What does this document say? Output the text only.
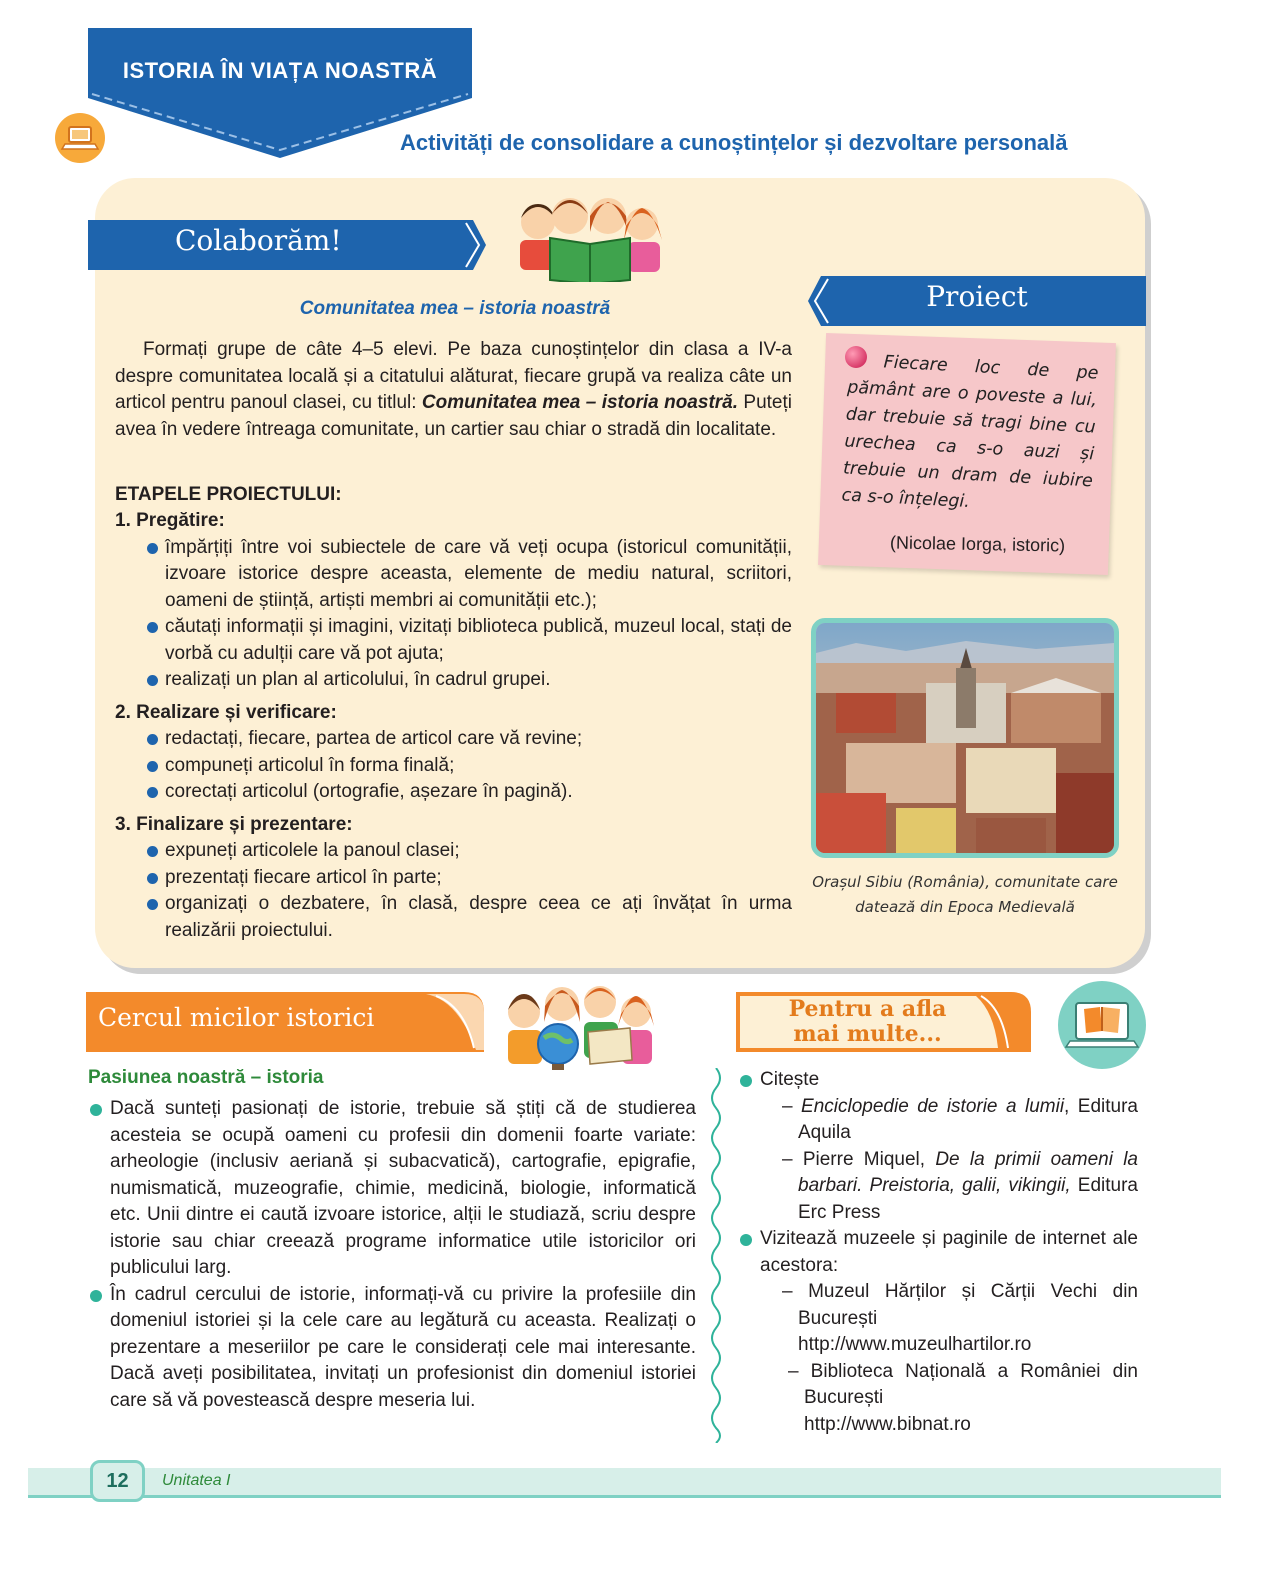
ISTORIA ÎN VIAȚA NOASTRĂ
Activități de consolidare a cunoștințelor și dezvoltare personală
Colaborăm!
Proiect
Comunitatea mea – istoria noastră
Formați grupe de câte 4–5 elevi. Pe baza cunoștințelor din clasa a IV-a despre comunitatea locală și a citatului alăturat, fiecare grupă va realiza câte un articol pentru panoul clasei, cu titlul: Comunitatea mea – istoria noastră. Puteți avea în vedere întreaga comunitate, un cartier sau chiar o stradă din localitate.
ETAPELE PROIECTULUI:
1. Pregătire:
împărțiți între voi subiectele de care vă veți ocupa (istoricul comunității, izvoare istorice despre aceasta, elemente de mediu natural, scriitori, oameni de știință, artiști membri ai comunității etc.);
căutați informații și imagini, vizitați biblioteca publică, muzeul local, stați de vorbă cu adulții care vă pot ajuta;
realizați un plan al articolului, în cadrul grupei.
2. Realizare și verificare:
redactați, fiecare, partea de articol care vă revine;
compuneți articolul în forma finală;
corectați articolul (ortografie, așezare în pagină).
3. Finalizare și prezentare:
expuneți articolele la panoul clasei;
prezentați fiecare articol în parte;
organizați o dezbatere, în clasă, despre ceea ce ați învățat în urma realizării proiectului.
Fiecare loc de pe pământ are o poveste a lui, dar trebuie să tragi bine cu urechea ca s-o auzi și trebuie un dram de iubire ca s-o înțelegi.
(Nicolae Iorga, istoric)
Orașul Sibiu (România), comunitate care datează din Epoca Medievală
Cercul micilor istorici	Pentru a afla
mai multe...
Pasiunea noastră – istoria
Dacă sunteți pasionați de istorie, trebuie să știți că de studierea acesteia se ocupă oameni cu profesii din domenii foarte variate: arheologie (inclusiv aeriană și subacvatică), cartografie, epigrafie, numismatică, muzeografie, chimie, medicină, biologie, informatică etc. Unii dintre ei caută izvoare istorice, alții le studiază, scriu despre istorie sau chiar creează programe informatice utile istoricilor ori publicului larg.
În cadrul cercului de istorie, informați-vă cu privire la profesiile din domeniul istoriei și la cele care au legătură cu aceasta. Realizați o prezentare a meseriilor pe care le considerați cele mai interesante. Dacă aveți posibilitatea, invitați un profesionist din domeniul istoriei care să vă povestească despre meseria lui.
Citește
– Enciclopedie de istorie a lumii, Editura Aquila
– Pierre Miquel, De la primii oameni la barbari. Preistoria, galii, vikingii, Editura Erc Press
Vizitează muzeele și paginile de internet ale acestora:
– Muzeul Hărților și Cărții Vechi din București
http://www.muzeulhartilor.ro
– Biblioteca Națională a României din București
http://www.bibnat.ro
12	Unitatea I
